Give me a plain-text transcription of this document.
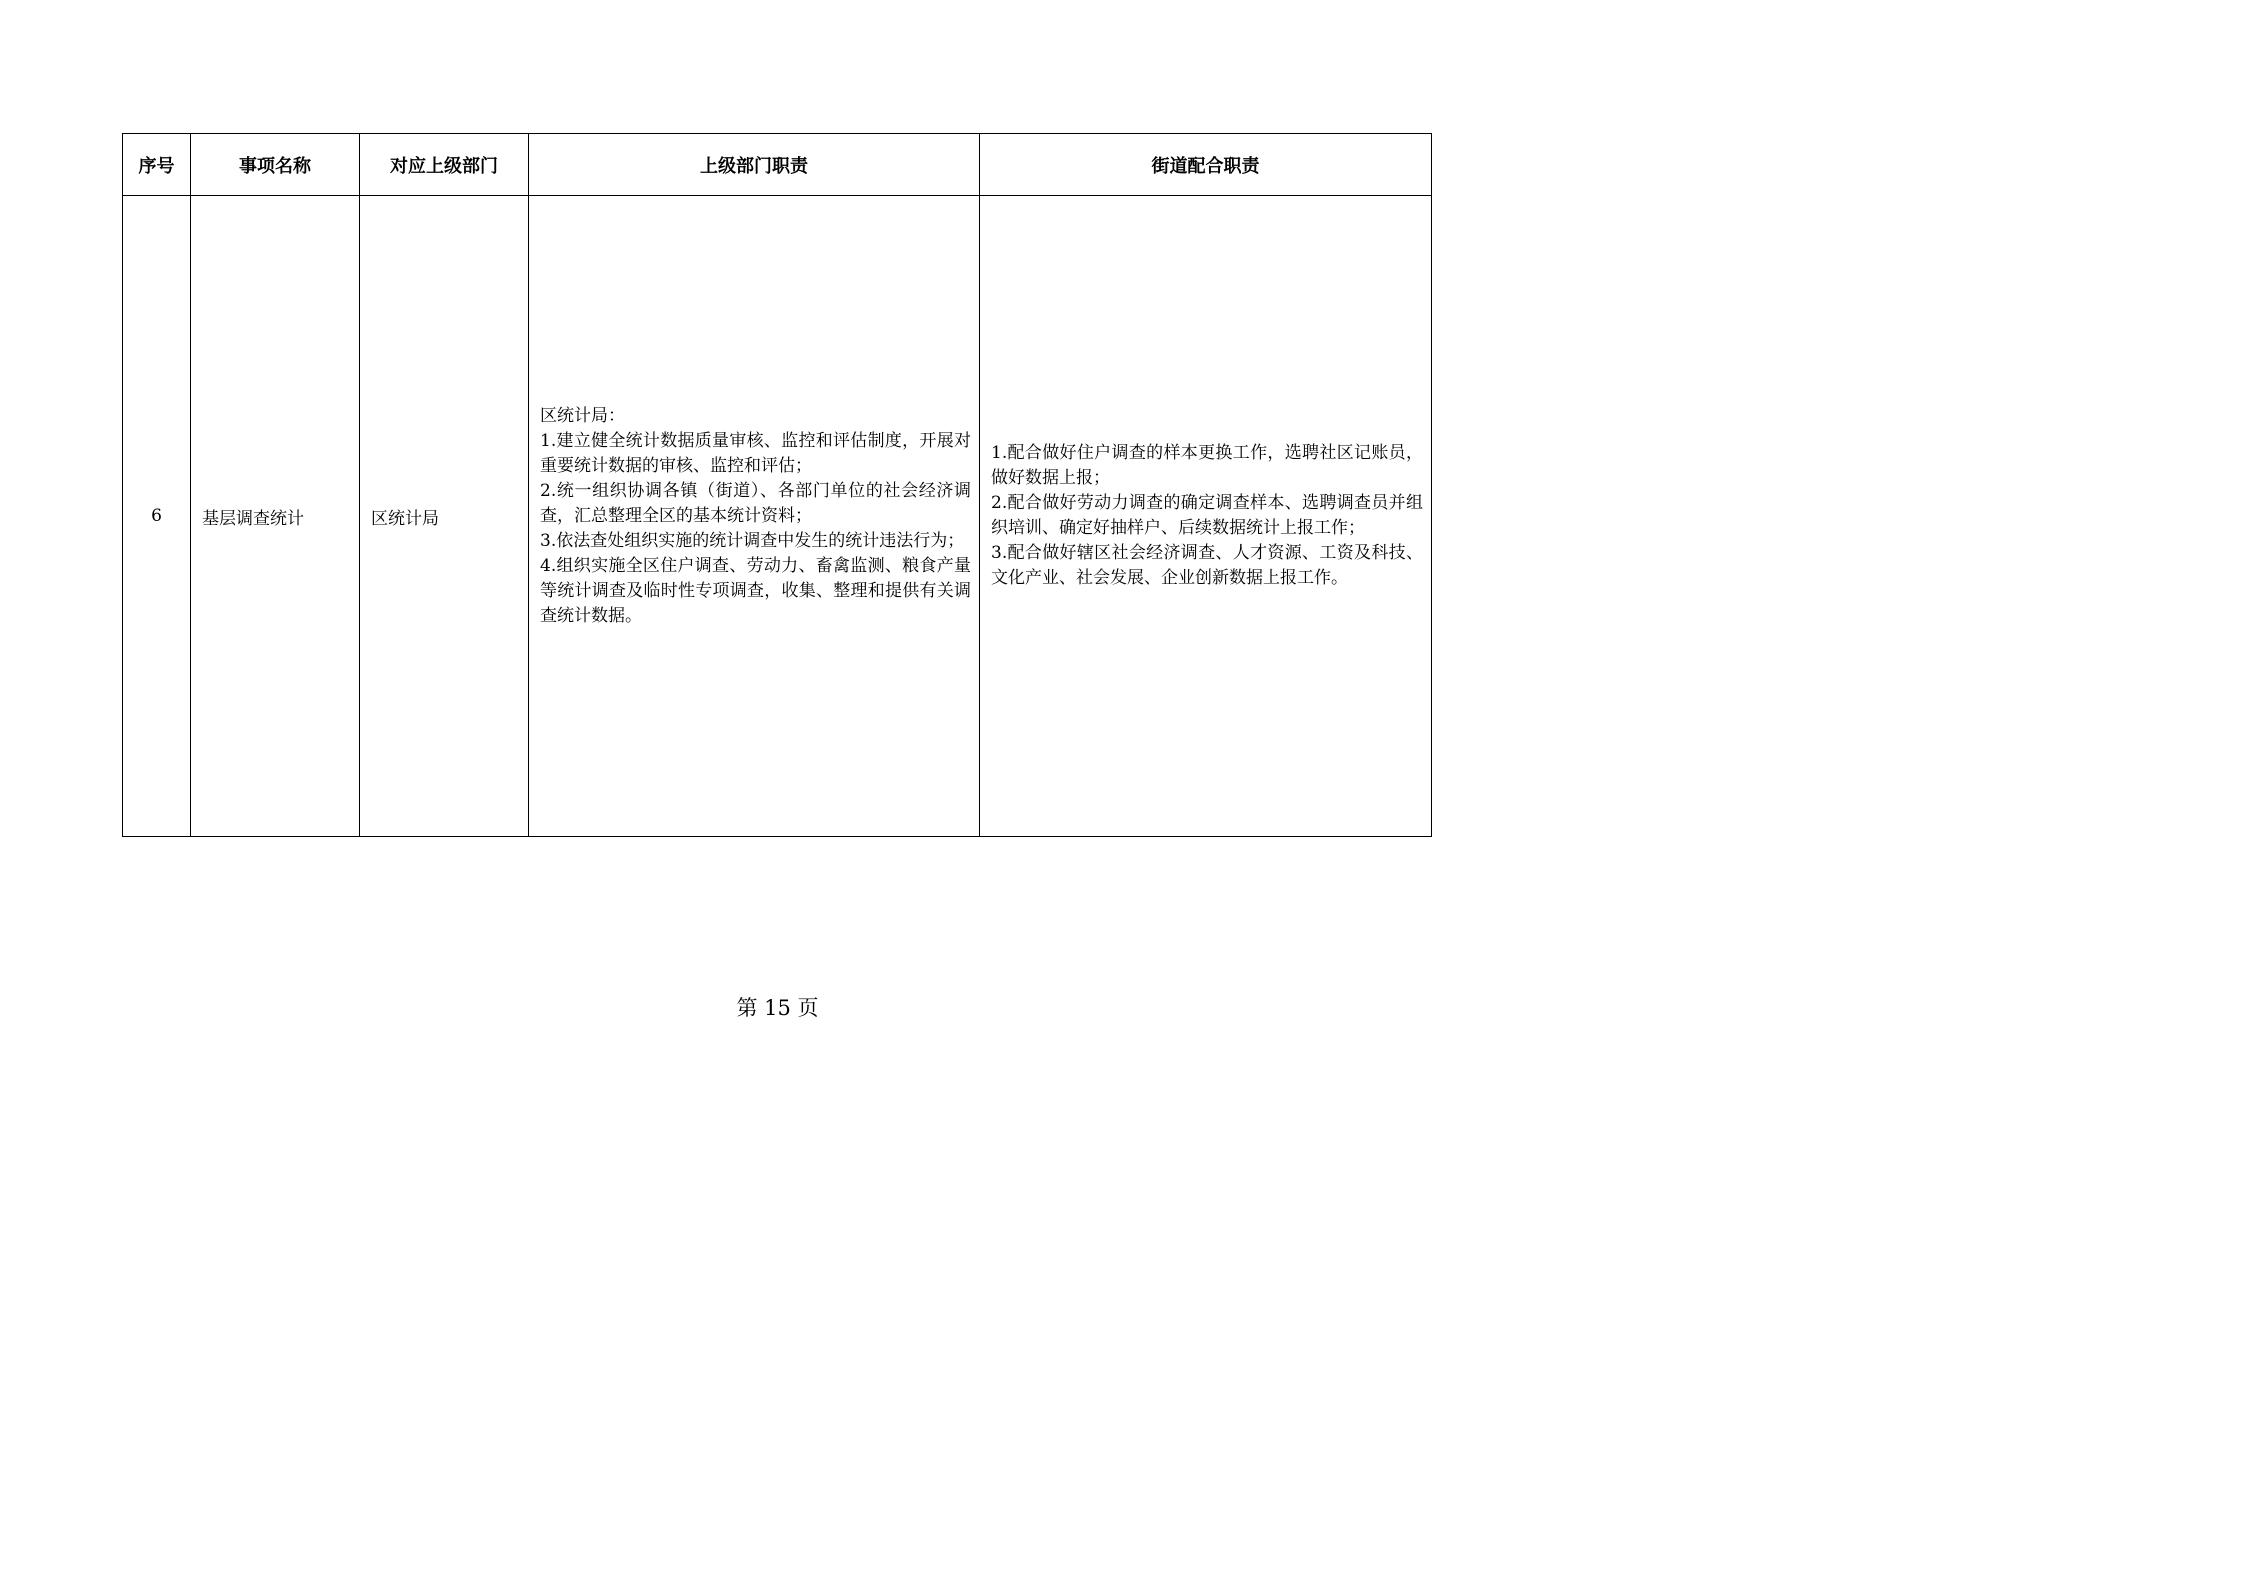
序号	事项名称	对应上级部门	上级部门职责	街道配合职责
6	基层调查统计	区统计局	区统计局：
1.建立健全统计数据质量审核、监控和评估制度，开展对重要统计数据的审核、监控和评估；
2.统一组织协调各镇（街道）、各部门单位的社会经济调查，汇总整理全区的基本统计资料；
3.依法查处组织实施的统计调查中发生的统计违法行为；
4.组织实施全区住户调查、劳动力、畜禽监测、粮食产量等统计调查及临时性专项调查，收集、整理和提供有关调查统计数据。	1.配合做好住户调查的样本更换工作，选聘社区记账员，做好数据上报；
2.配合做好劳动力调查的确定调查样本、选聘调查员并组织培训、确定好抽样户、后续数据统计上报工作；
3.配合做好辖区社会经济调查、人才资源、工资及科技、文化产业、社会发展、企业创新数据上报工作。
第 15 页
